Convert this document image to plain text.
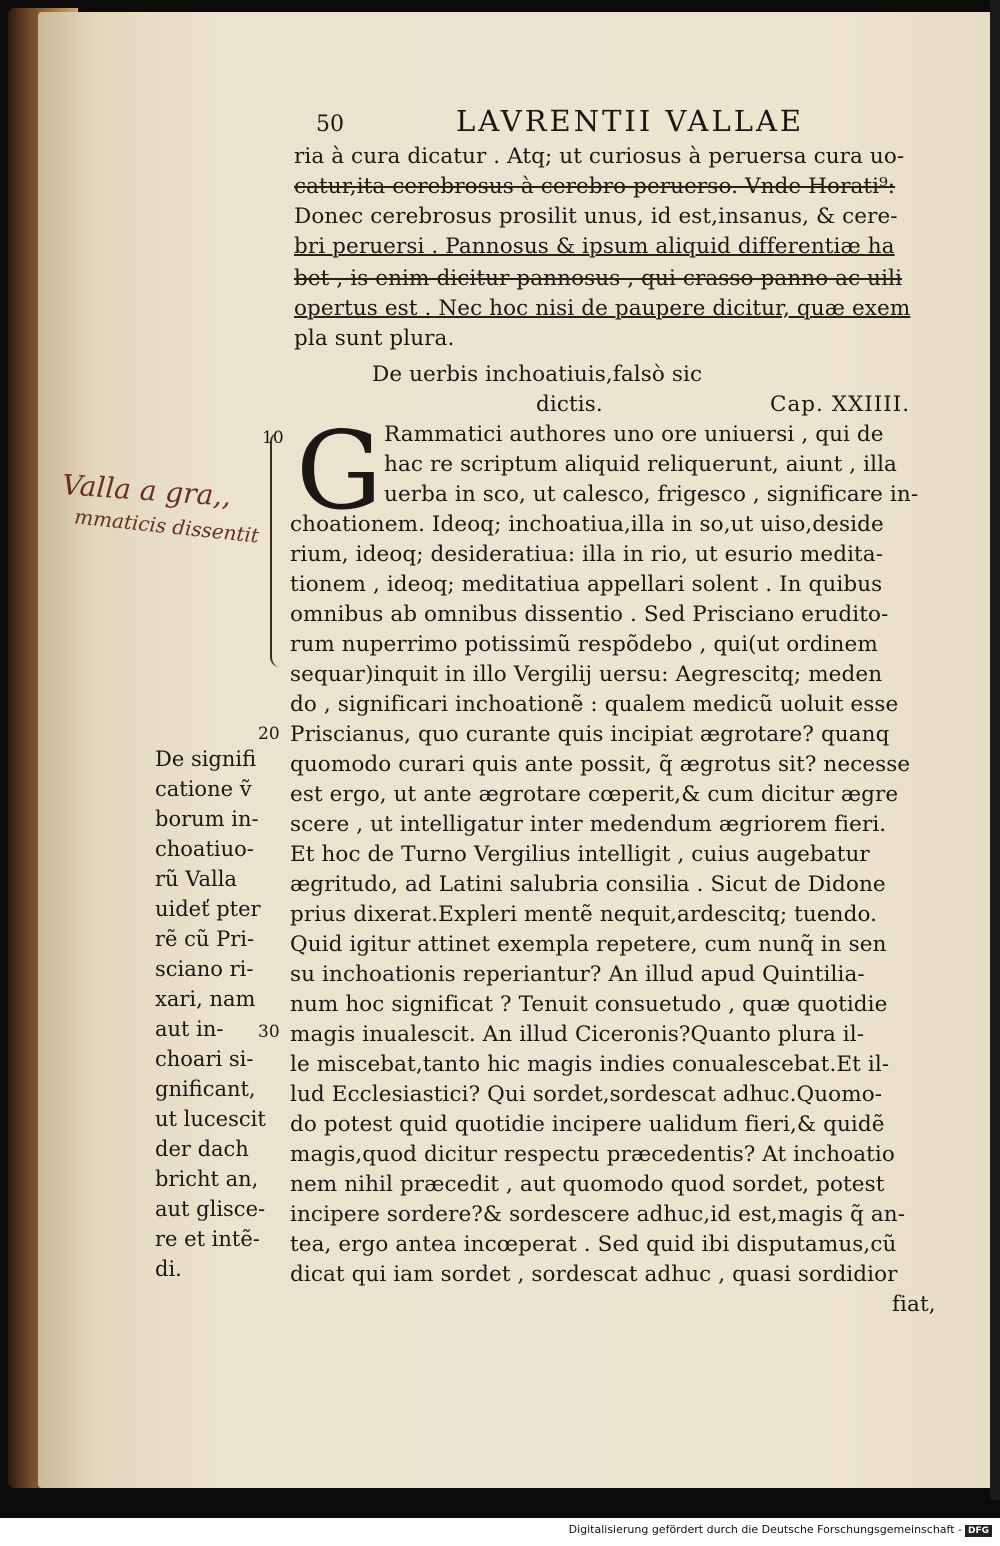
50	LAVRENTII VALLAE
ria à cura dicatur . Atq; ut curiosus à peruersa cura uo-
catur,ita cerebrosus à cerebro peruerso. Vnde Horati⁹:
Donec cerebrosus prosilit unus, id est,insanus, & cere-
bri peruersi . Pannosus & ipsum aliquid differentiæ ha
bet , is enim dicitur pannosus , qui crasso panno ac uili
opertus est . Nec hoc nisi de paupere dicitur, quæ exem
pla sunt plura.
De uerbis inchoatiuis,falsò sic
dictis.	Cap. XXIIII.
G Rammatici authores uno ore uniuersi , qui de
hac re scriptum aliquid reliquerunt, aiunt , illa
uerba in sco, ut calesco, frigesco , significare in-
choationem. Ideoq; inchoatiua,illa in so,ut uiso,deside
rium, ideoq; desideratiua: illa in rio, ut esurio medita-
tionem , ideoq; meditatiua appellari solent . In quibus
omnibus ab omnibus dissentio . Sed Prisciano erudito-
rum nuperrimo potissimũ respõdebo , qui(ut ordinem
sequar)inquit in illo Vergilij uersu: Aegrescitq; meden
do , significari inchoationẽ : qualem medicũ uoluit esse
Priscianus, quo curante quis incipiat ægrotare? quanq
quomodo curari quis ante possit, q̃ ægrotus sit? necesse
est ergo, ut ante ægrotare cœperit,& cum dicitur ægre
scere , ut intelligatur inter medendum ægriorem fieri.
Et hoc de Turno Vergilius intelligit , cuius augebatur
ægritudo, ad Latini salubria consilia . Sicut de Didone
prius dixerat.Expleri mentẽ nequit,ardescitq; tuendo.
Quid igitur attinet exempla repetere, cum nunq̃ in sen
su inchoationis reperiantur? An illud apud Quintilia-
num hoc significat ? Tenuit consuetudo , quæ quotidie
magis inualescit. An illud Ciceronis?Quanto plura il-
le miscebat,tanto hic magis indies conualescebat.Et il-
lud Ecclesiastici? Qui sordet,sordescat adhuc.Quomo-
do potest quid quotidie incipere ualidum fieri,& quidẽ
magis,quod dicitur respectu præcedentis? At inchoatio
nem nihil præcedit , aut quomodo quod sordet, potest
incipere sordere?& sordescere adhuc,id est,magis q̃ an-
tea, ergo antea incœperat . Sed quid ibi disputamus,cũ
dicat qui iam sordet , sordescat adhuc , quasi sordidior
fiat,
10
20
30
De signifi
catione ṽ
borum in-
choatiuo-
rũ Valla
uideť pter
rẽ cũ Pri-
sciano ri-
xari, nam
aut in-
choari si-
gnificant,
ut lucescit
der dach
bricht an,
aut glisce-
re et intẽ-
di.
Valla a gra,,
mmaticis dissentit
Digitalisierung gefördert durch die Deutsche Forschungsgemeinschaft - DFG
